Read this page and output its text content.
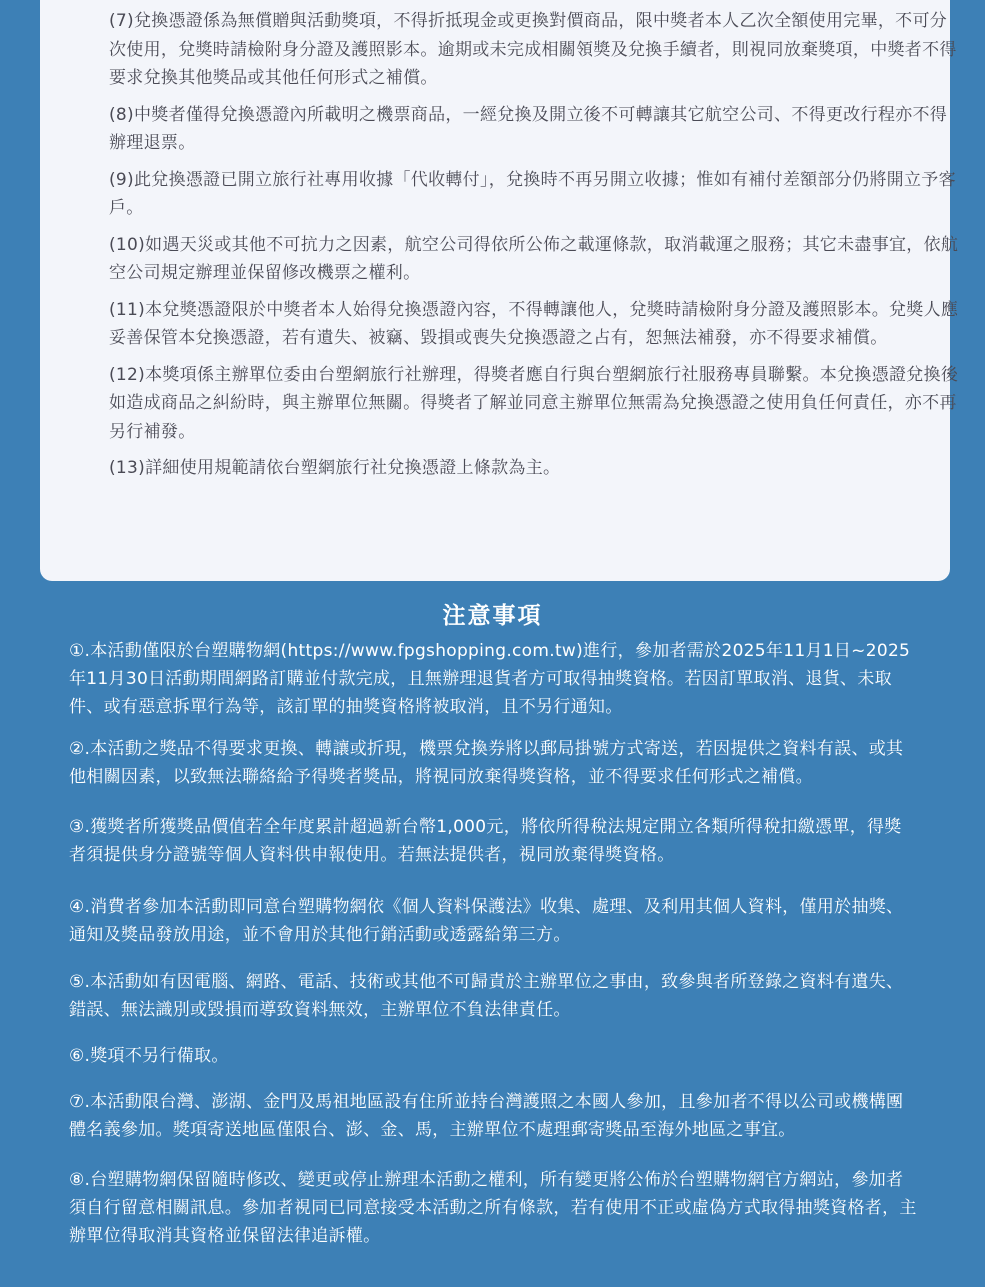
(7)兌換憑證係為無償贈與活動獎項，不得折抵現金或更換對價商品，限中獎者本人乙次全額使用完畢，不可分次使用，兌獎時請檢附身分證及護照影本。逾期或未完成相關領獎及兌換手續者，則視同放棄獎項，中獎者不得要求兌換其他獎品或其他任何形式之補償。
(8)中獎者僅得兌換憑證內所載明之機票商品，一經兌換及開立後不可轉讓其它航空公司、不得更改行程亦不得辦理退票。
(9)此兌換憑證已開立旅行社專用收據「代收轉付」，兌換時不再另開立收據；惟如有補付差額部分仍將開立予客戶。
(10)如遇天災或其他不可抗力之因素，航空公司得依所公佈之載運條款，取消載運之服務；其它未盡事宜，依航空公司規定辦理並保留修改機票之權利。
(11)本兌獎憑證限於中獎者本人始得兌換憑證內容，不得轉讓他人，兌獎時請檢附身分證及護照影本。兌獎人應妥善保管本兌換憑證，若有遺失、被竊、毀損或喪失兌換憑證之占有，恕無法補發，亦不得要求補償。
(12)本獎項係主辦單位委由台塑網旅行社辦理，得獎者應自行與台塑網旅行社服務專員聯繫。本兌換憑證兌換後如造成商品之糾紛時，與主辦單位無關。得獎者了解並同意主辦單位無需為兌換憑證之使用負任何責任，亦不再另行補發。
(13)詳細使用規範請依台塑網旅行社兌換憑證上條款為主。
注意事項
①.本活動僅限於台塑購物網(https://www.fpgshopping.com.tw)進行，參加者需於2025年11月1日~2025年11月30日活動期間網路訂購並付款完成，且無辦理退貨者方可取得抽獎資格。若因訂單取消、退貨、未取件、或有惡意拆單行為等，該訂單的抽獎資格將被取消，且不另行通知。
②.本活動之獎品不得要求更換、轉讓或折現，機票兌換券將以郵局掛號方式寄送，若因提供之資料有誤、或其他相關因素，以致無法聯絡給予得獎者獎品，將視同放棄得獎資格，並不得要求任何形式之補償。
③.獲獎者所獲獎品價值若全年度累計超過新台幣1,000元，將依所得稅法規定開立各類所得稅扣繳憑單，得獎者須提供身分證號等個人資料供申報使用。若無法提供者，視同放棄得獎資格。
④.消費者參加本活動即同意台塑購物網依《個人資料保護法》收集、處理、及利用其個人資料，僅用於抽獎、通知及獎品發放用途，並不會用於其他行銷活動或透露給第三方。
⑤.本活動如有因電腦、網路、電話、技術或其他不可歸責於主辦單位之事由，致參與者所登錄之資料有遺失、錯誤、無法識別或毀損而導致資料無效，主辦單位不負法律責任。
⑥.獎項不另行備取。
⑦.本活動限台灣、澎湖、金門及馬祖地區設有住所並持台灣護照之本國人參加，且參加者不得以公司或機構團體名義參加。獎項寄送地區僅限台、澎、金、馬，主辦單位不處理郵寄獎品至海外地區之事宜。
⑧.台塑購物網保留隨時修改、變更或停止辦理本活動之權利，所有變更將公佈於台塑購物網官方網站，參加者須自行留意相關訊息。參加者視同已同意接受本活動之所有條款，若有使用不正或虛偽方式取得抽獎資格者，主辦單位得取消其資格並保留法律追訴權。
